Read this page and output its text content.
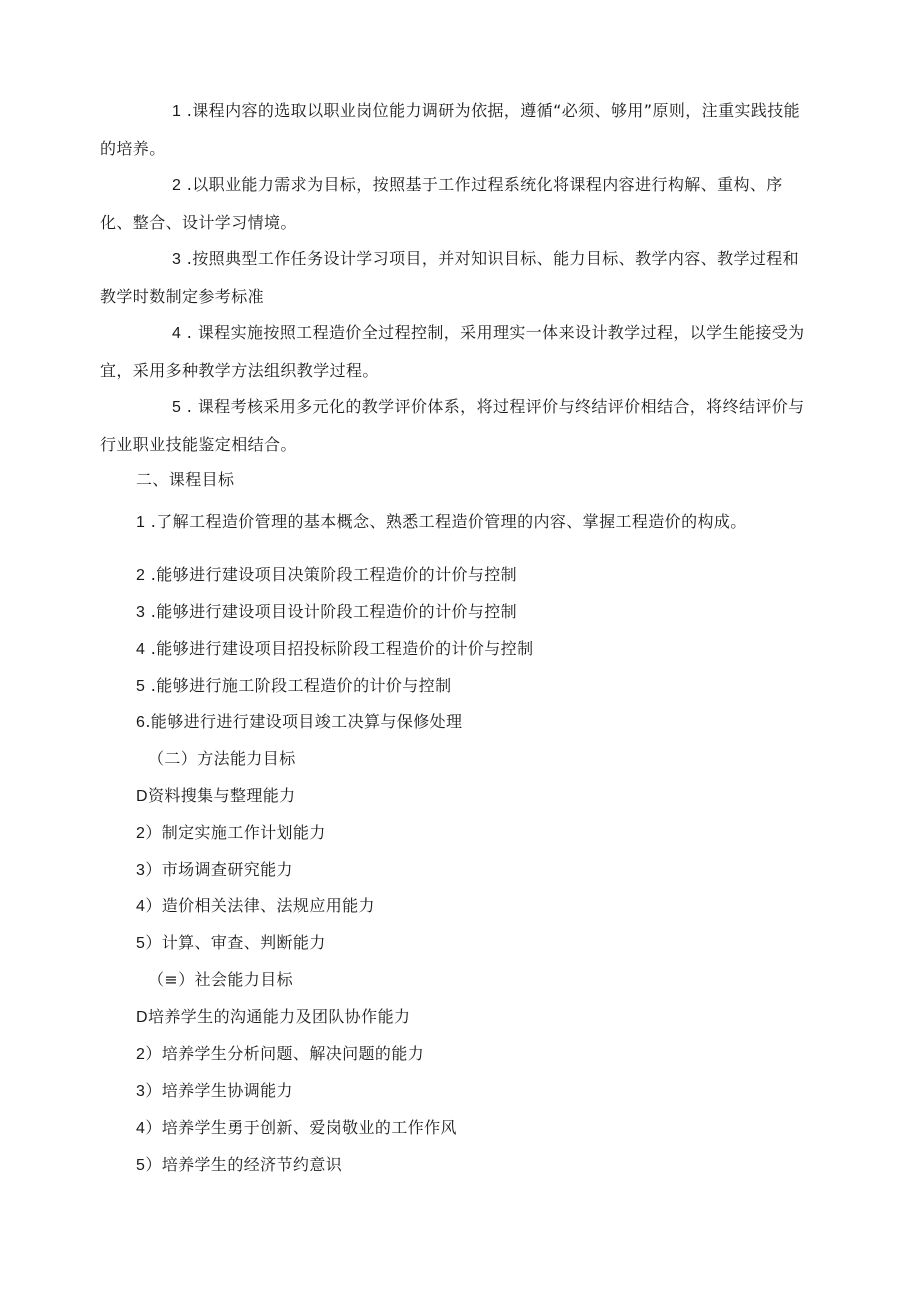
1 .课程内容的选取以职业岗位能力调研为依据，遵循“必须、够用”原则，注重实践技能的培养。

2 .以职业能力需求为目标，按照基于工作过程系统化将课程内容进行构解、重构、序化、整合、设计学习情境。

3 .按照典型工作任务设计学习项目，并对知识目标、能力目标、教学内容、教学过程和教学时数制定参考标准

4 . 课程实施按照工程造价全过程控制，采用理实一体来设计教学过程，以学生能接受为宜，采用多种教学方法组织教学过程。

5 . 课程考核采用多元化的教学评价体系，将过程评价与终结评价相结合，将终结评价与行业职业技能鉴定相结合。

二、课程目标

1 .了解工程造价管理的基本概念、熟悉工程造价管理的内容、掌握工程造价的构成。

2 .能够进行建设项目决策阶段工程造价的计价与控制

3 .能够进行建设项目设计阶段工程造价的计价与控制

4 .能够进行建设项目招投标阶段工程造价的计价与控制

5 .能够进行施工阶段工程造价的计价与控制

6.能够进行进行建设项目竣工决算与保修处理

（二）方法能力目标

D资料搜集与整理能力

2）制定实施工作计划能力

3）市场调查研究能力

4）造价相关法律、法规应用能力

5）计算、审查、判断能力

（≡）社会能力目标

D培养学生的沟通能力及团队协作能力

2）培养学生分析问题、解决问题的能力

3）培养学生协调能力

4）培养学生勇于创新、爱岗敬业的工作作风

5）培养学生的经济节约意识
